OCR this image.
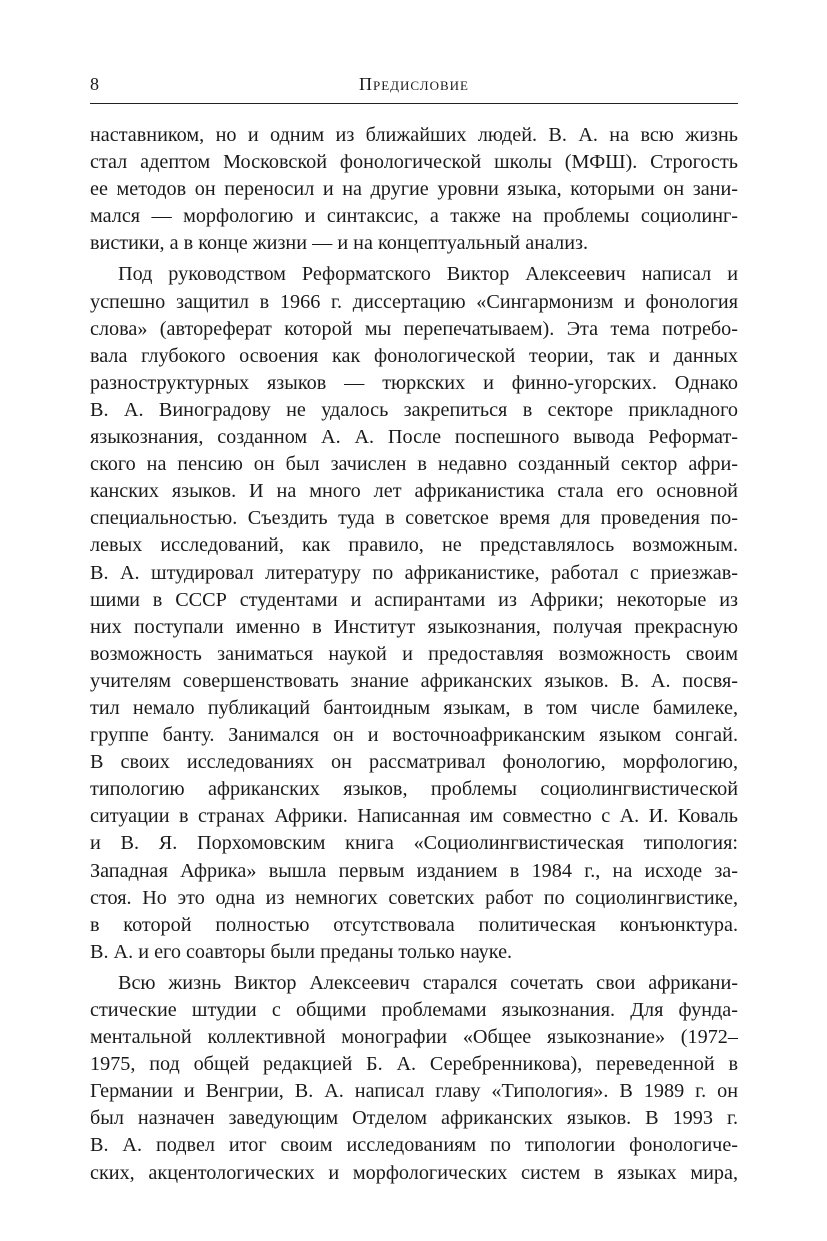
8	Предисловие
наставником, но и одним из ближайших людей. В. А. на всю жизнь
стал адептом Московской фонологической школы (МФШ). Строгость
ее методов он переносил и на другие уровни языка, которыми он зани-
мался — морфологию и синтаксис, а также на проблемы социолинг-
вистики, а в конце жизни — и на концептуальный анализ.
Под руководством Реформатского Виктор Алексеевич написал и
успешно защитил в 1966 г. диссертацию «Сингармонизм и фонология
слова» (автореферат которой мы перепечатываем). Эта тема потребо-
вала глубокого освоения как фонологической теории, так и данных
разноструктурных языков — тюркских и финно-угорских. Однако
В. А. Виноградову не удалось закрепиться в секторе прикладного
языкознания, созданном А. А. После поспешного вывода Реформат-
ского на пенсию он был зачислен в недавно созданный сектор афри-
канских языков. И на много лет африканистика стала его основной
специальностью. Съездить туда в советское время для проведения по-
левых исследований, как правило, не представлялось возможным.
В. А. штудировал литературу по африканистике, работал с приезжав-
шими в СССР студентами и аспирантами из Африки; некоторые из
них поступали именно в Институт языкознания, получая прекрасную
возможность заниматься наукой и предоставляя возможность своим
учителям совершенствовать знание африканских языков. В. А. посвя-
тил немало публикаций бантоидным языкам, в том числе бамилеке,
группе банту. Занимался он и восточноафриканским языком сонгай.
В своих исследованиях он рассматривал фонологию, морфологию,
типологию африканских языков, проблемы социолингвистической
ситуации в странах Африки. Написанная им совместно с А. И. Коваль
и В. Я. Порхомовским книга «Социолингвистическая типология:
Западная Африка» вышла первым изданием в 1984 г., на исходе за-
стоя. Но это одна из немногих советских работ по социолингвистике,
в которой полностью отсутствовала политическая конъюнктура.
В. А. и его соавторы были преданы только науке.
Всю жизнь Виктор Алексеевич старался сочетать свои африкани-
стические штудии с общими проблемами языкознания. Для фунда-
ментальной коллективной монографии «Общее языкознание» (1972–
1975, под общей редакцией Б. А. Серебренникова), переведенной в
Германии и Венгрии, В. А. написал главу «Типология». В 1989 г. он
был назначен заведующим Отделом африканских языков. В 1993 г.
В. А. подвел итог своим исследованиям по типологии фонологиче-
ских, акцентологических и морфологических систем в языках мира,
